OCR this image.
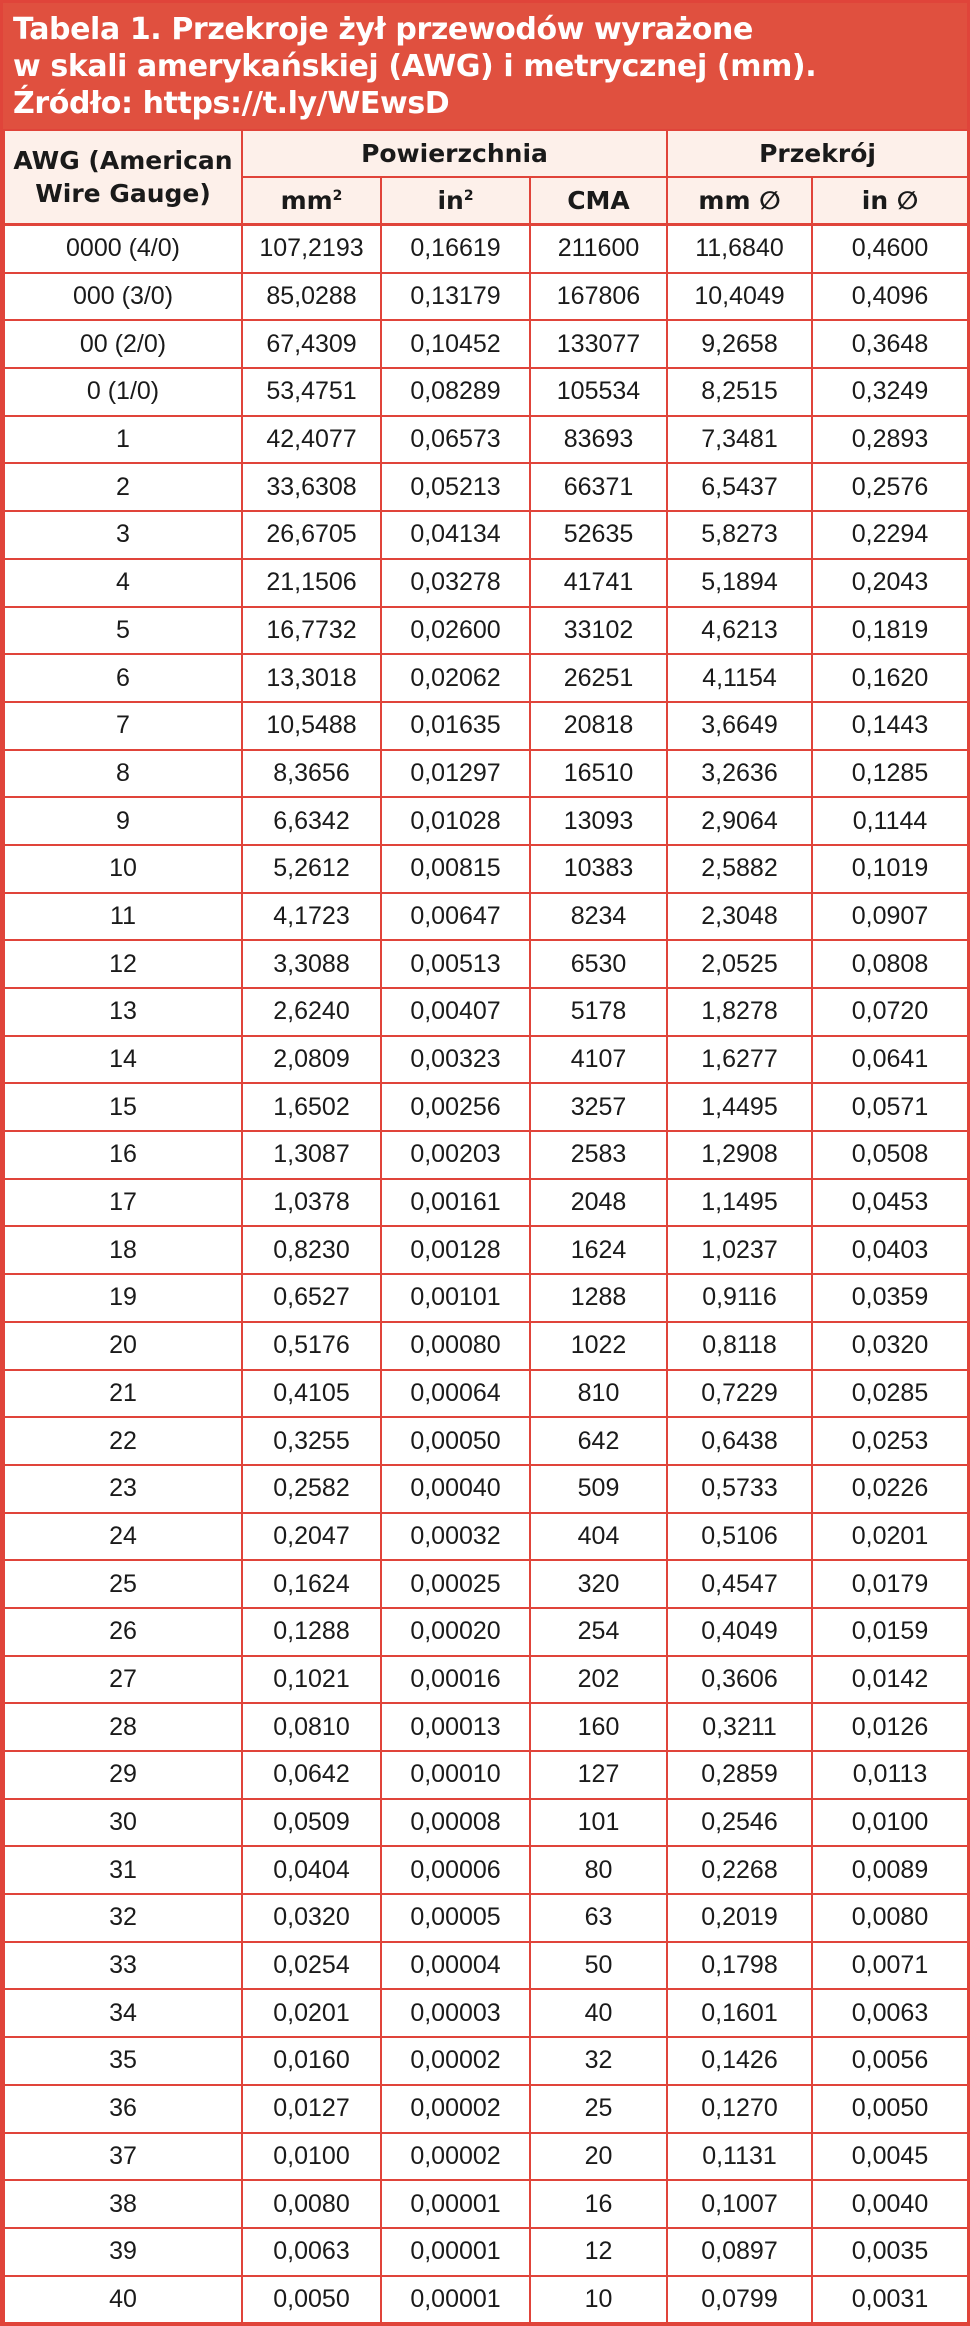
Tabela 1. Przekroje żył przewodów wyrażone
w skali amerykańskiej (AWG) i metrycznej (mm).
Źródło: https://t.ly/WEwsD
AWG (American
Wire Gauge)	Powierzchnia			Przekrój	
	$mm^2$	$in^2$	CMA	mm ∅	in ∅
0000 (4/0)	107,2193	0,16619	211600	11,6840	0,4600
000 (3/0)	85,0288	0,13179	167806	10,4049	0,4096
00 (2/0)	67,4309	0,10452	133077	9,2658	0,3648
0 (1/0)	53,4751	0,08289	105534	8,2515	0,3249
1	42,4077	0,06573	83693	7,3481	0,2893
2	33,6308	0,05213	66371	6,5437	0,2576
3	26,6705	0,04134	52635	5,8273	0,2294
4	21,1506	0,03278	41741	5,1894	0,2043
5	16,7732	0,02600	33102	4,6213	0,1819
6	13,3018	0,02062	26251	4,1154	0,1620
7	10,5488	0,01635	20818	3,6649	0,1443
8	8,3656	0,01297	16510	3,2636	0,1285
9	6,6342	0,01028	13093	2,9064	0,1144
10	5,2612	0,00815	10383	2,5882	0,1019
11	4,1723	0,00647	8234	2,3048	0,0907
12	3,3088	0,00513	6530	2,0525	0,0808
13	2,6240	0,00407	5178	1,8278	0,0720
14	2,0809	0,00323	4107	1,6277	0,0641
15	1,6502	0,00256	3257	1,4495	0,0571
16	1,3087	0,00203	2583	1,2908	0,0508
17	1,0378	0,00161	2048	1,1495	0,0453
18	0,8230	0,00128	1624	1,0237	0,0403
19	0,6527	0,00101	1288	0,9116	0,0359
20	0,5176	0,00080	1022	0,8118	0,0320
21	0,4105	0,00064	810	0,7229	0,0285
22	0,3255	0,00050	642	0,6438	0,0253
23	0,2582	0,00040	509	0,5733	0,0226
24	0,2047	0,00032	404	0,5106	0,0201
25	0,1624	0,00025	320	0,4547	0,0179
26	0,1288	0,00020	254	0,4049	0,0159
27	0,1021	0,00016	202	0,3606	0,0142
28	0,0810	0,00013	160	0,3211	0,0126
29	0,0642	0,00010	127	0,2859	0,0113
30	0,0509	0,00008	101	0,2546	0,0100
31	0,0404	0,00006	80	0,2268	0,0089
32	0,0320	0,00005	63	0,2019	0,0080
33	0,0254	0,00004	50	0,1798	0,0071
34	0,0201	0,00003	40	0,1601	0,0063
35	0,0160	0,00002	32	0,1426	0,0056
36	0,0127	0,00002	25	0,1270	0,0050
37	0,0100	0,00002	20	0,1131	0,0045
38	0,0080	0,00001	16	0,1007	0,0040
39	0,0063	0,00001	12	0,0897	0,0035
40	0,0050	0,00001	10	0,0799	0,0031
